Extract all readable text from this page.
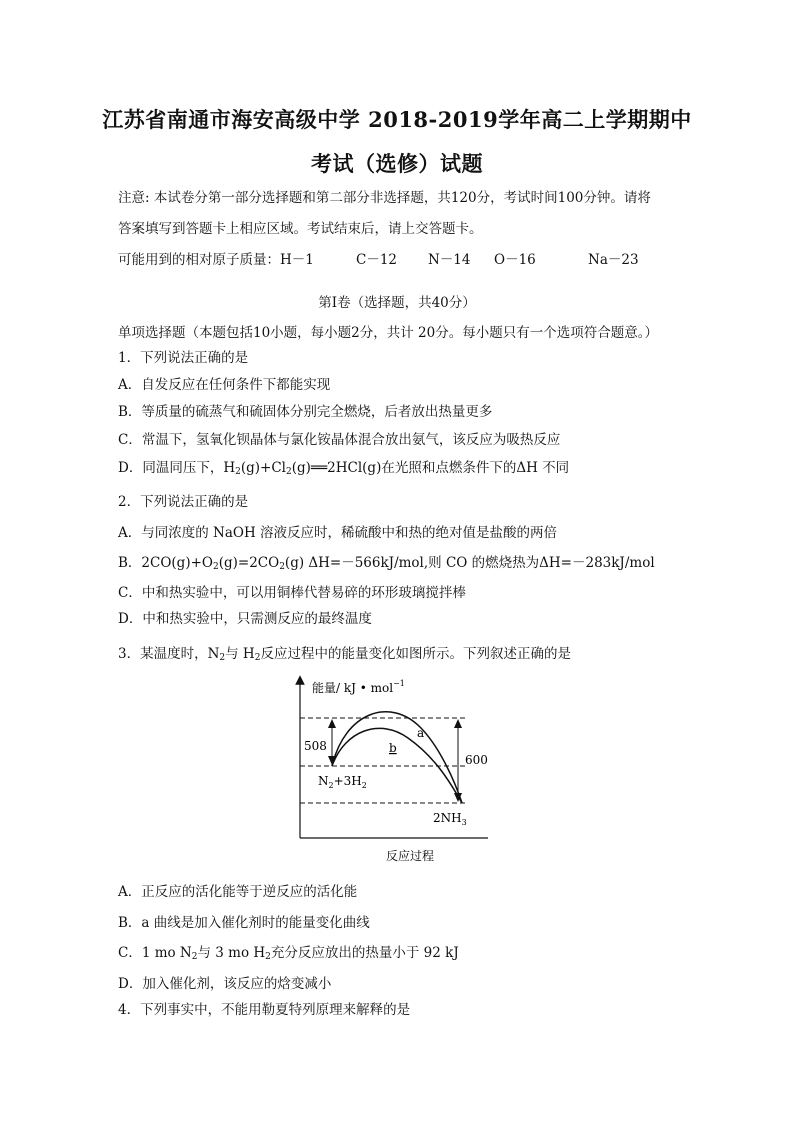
江苏省南通市海安高级中学 2018-2019学年高二上学期期中
考试（选修）试题
注意: 本试卷分第一部分选择题和第二部分非选择题，共120分，考试时间100分钟。请将
答案填写到答题卡上相应区域。考试结束后，请上交答题卡。
可能用到的相对原子质量：H－1	C－12 N－14 O－16	Na－23
第Ⅰ卷（选择题，共40分）
单项选择题（本题包括10小题，每小题2分，共计 20分。每小题只有一个选项符合题意。）
1．下列说法正确的是
A．自发反应在任何条件下都能实现
B．等质量的硫蒸气和硫固体分别完全燃烧，后者放出热量更多
C．常温下，氢氧化钡晶体与氯化铵晶体混合放出氨气，该反应为吸热反应
D．同温同压下，$H_2(g)+Cl_2(g)══2HCl(g)$在光照和点燃条件下的ΔH 不同
2．下列说法正确的是
A．与同浓度的 NaOH 溶液反应时，稀硫酸中和热的绝对值是盐酸的两倍
B．$2CO(g)+O_2(g)=2CO_2(g)$ ΔH=－566kJ/mol,则 CO 的燃烧热为ΔH=－283kJ/mol
C．中和热实验中，可以用铜棒代替易碎的环形玻璃搅拌棒
D．中和热实验中，只需测反应的最终温度
3．某温度时，$N_2$与 $H_2$反应过程中的能量变化如图所示。下列叙述正确的是
能量/ kJ • mol$^{-1}$
a
b
508
600
$N_2+3H_2$
$2NH_3$
反应过程
A．正反应的活化能等于逆反应的活化能
B．a 曲线是加入催化剂时的能量变化曲线
C．1 mo $N_2$与 3 mo $H_2$充分反应放出的热量小于 92 kJ
D．加入催化剂，该反应的焓变减小
4．下列事实中，不能用勒夏特列原理来解释的是
